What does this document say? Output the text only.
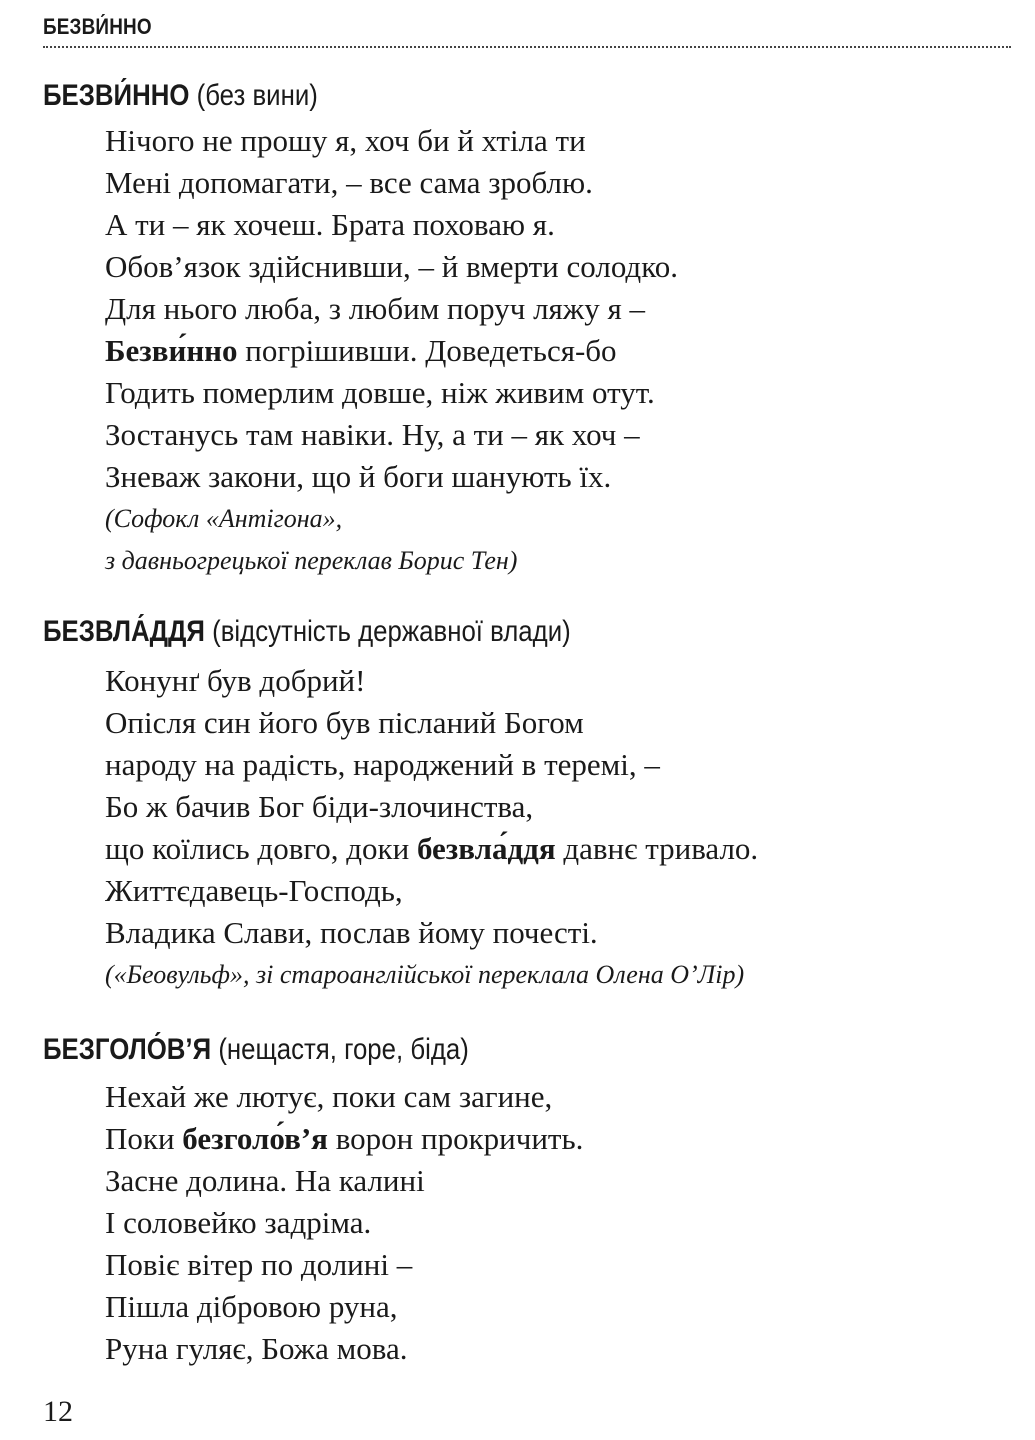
БЕЗВИ́ННО
БЕЗВИ́ННО (без вини)
Нічого не прошу я, хоч би й хтіла ти
Мені допомагати, – все сама зроблю.
А ти – як хочеш. Брата поховаю я.
Обов’язок здійснивши, – й вмерти солодко.
Для нього люба, з любим поруч ляжу я –
Безви́нно погрішивши. Доведеться-бо
Годить померлим довше, ніж живим отут.
Зостанусь там навіки. Ну, а ти – як хоч –
Зневаж закони, що й боги шанують їх.
(Софокл «Антігона»,
з давньогрецької переклав Борис Тен)
БЕЗВЛА́ДДЯ (відсутність державної влади)
Конунґ був добрий!
Опісля син його був післаний Богом
народу на радість, народжений в теремі, –
Бо ж бачив Бог біди-злочинства,
що коїлись довго, доки безвла́ддя давнє тривало.
Життєдавець-Господь,
Владика Слави, послав йому почесті.
(«Беовульф», зі староанглійської переклала Олена О’Лір)
БЕЗГОЛО́В’Я (нещастя, горе, біда)
Нехай же лютує, поки сам загине,
Поки безголо́в’я ворон прокричить.
Засне долина. На калині
І соловейко задріма.
Повіє вітер по долині –
Пішла дібровою руна,
Руна гуляє, Божа мова.
12
